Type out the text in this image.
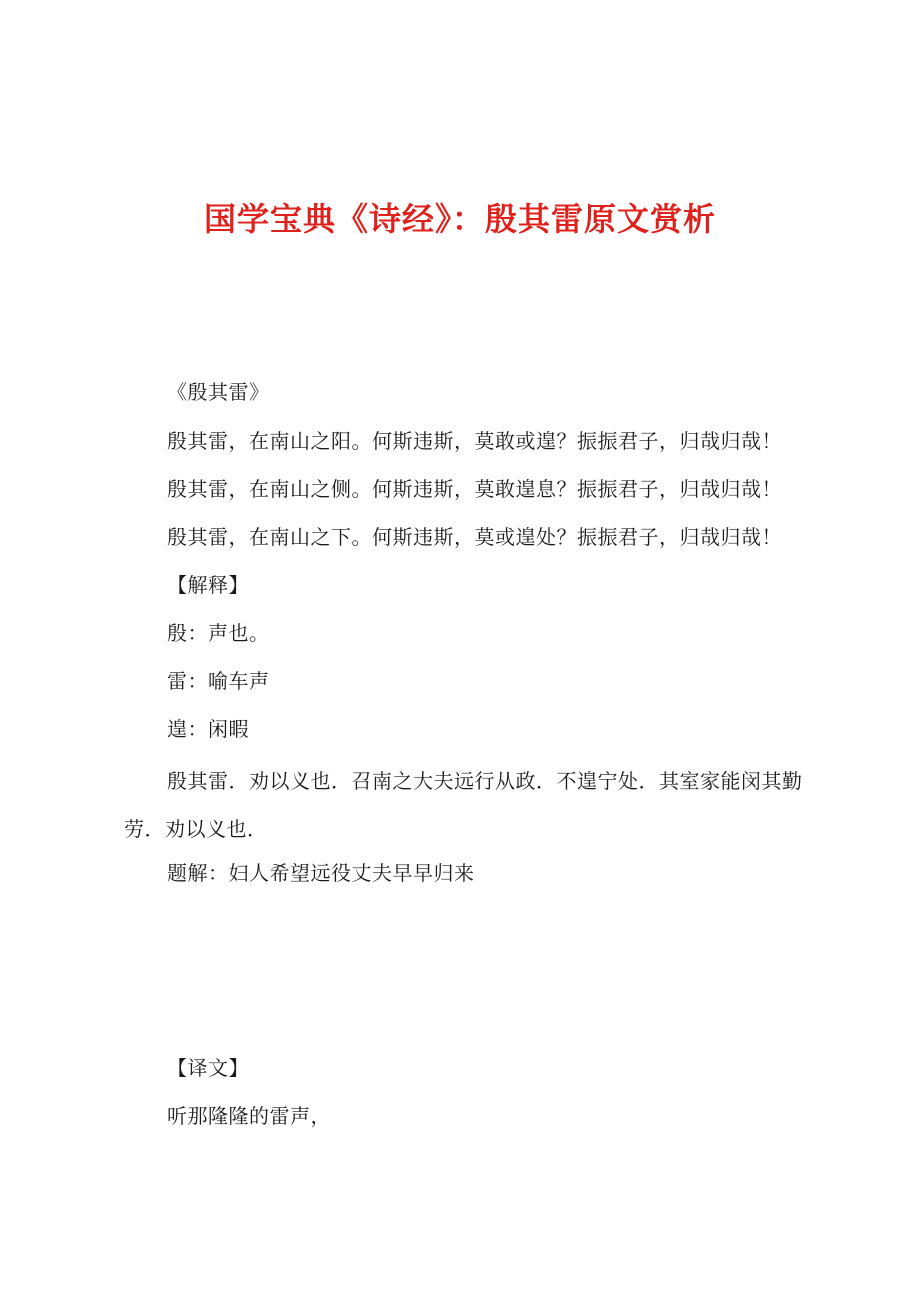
国学宝典《诗经》：殷其雷原文赏析
《殷其雷》
殷其雷，在南山之阳。何斯违斯，莫敢或遑？振振君子，归哉归哉！
殷其雷，在南山之侧。何斯违斯，莫敢遑息？振振君子，归哉归哉！
殷其雷，在南山之下。何斯违斯，莫或遑处？振振君子，归哉归哉！
【解释】
殷：声也。
雷：喻车声
遑：闲暇
殷其雷．劝以义也．召南之大夫远行从政．不遑宁处．其室家能闵其勤劳．劝以义也．
题解：妇人希望远役丈夫早早归来
【译文】
听那隆隆的雷声，
